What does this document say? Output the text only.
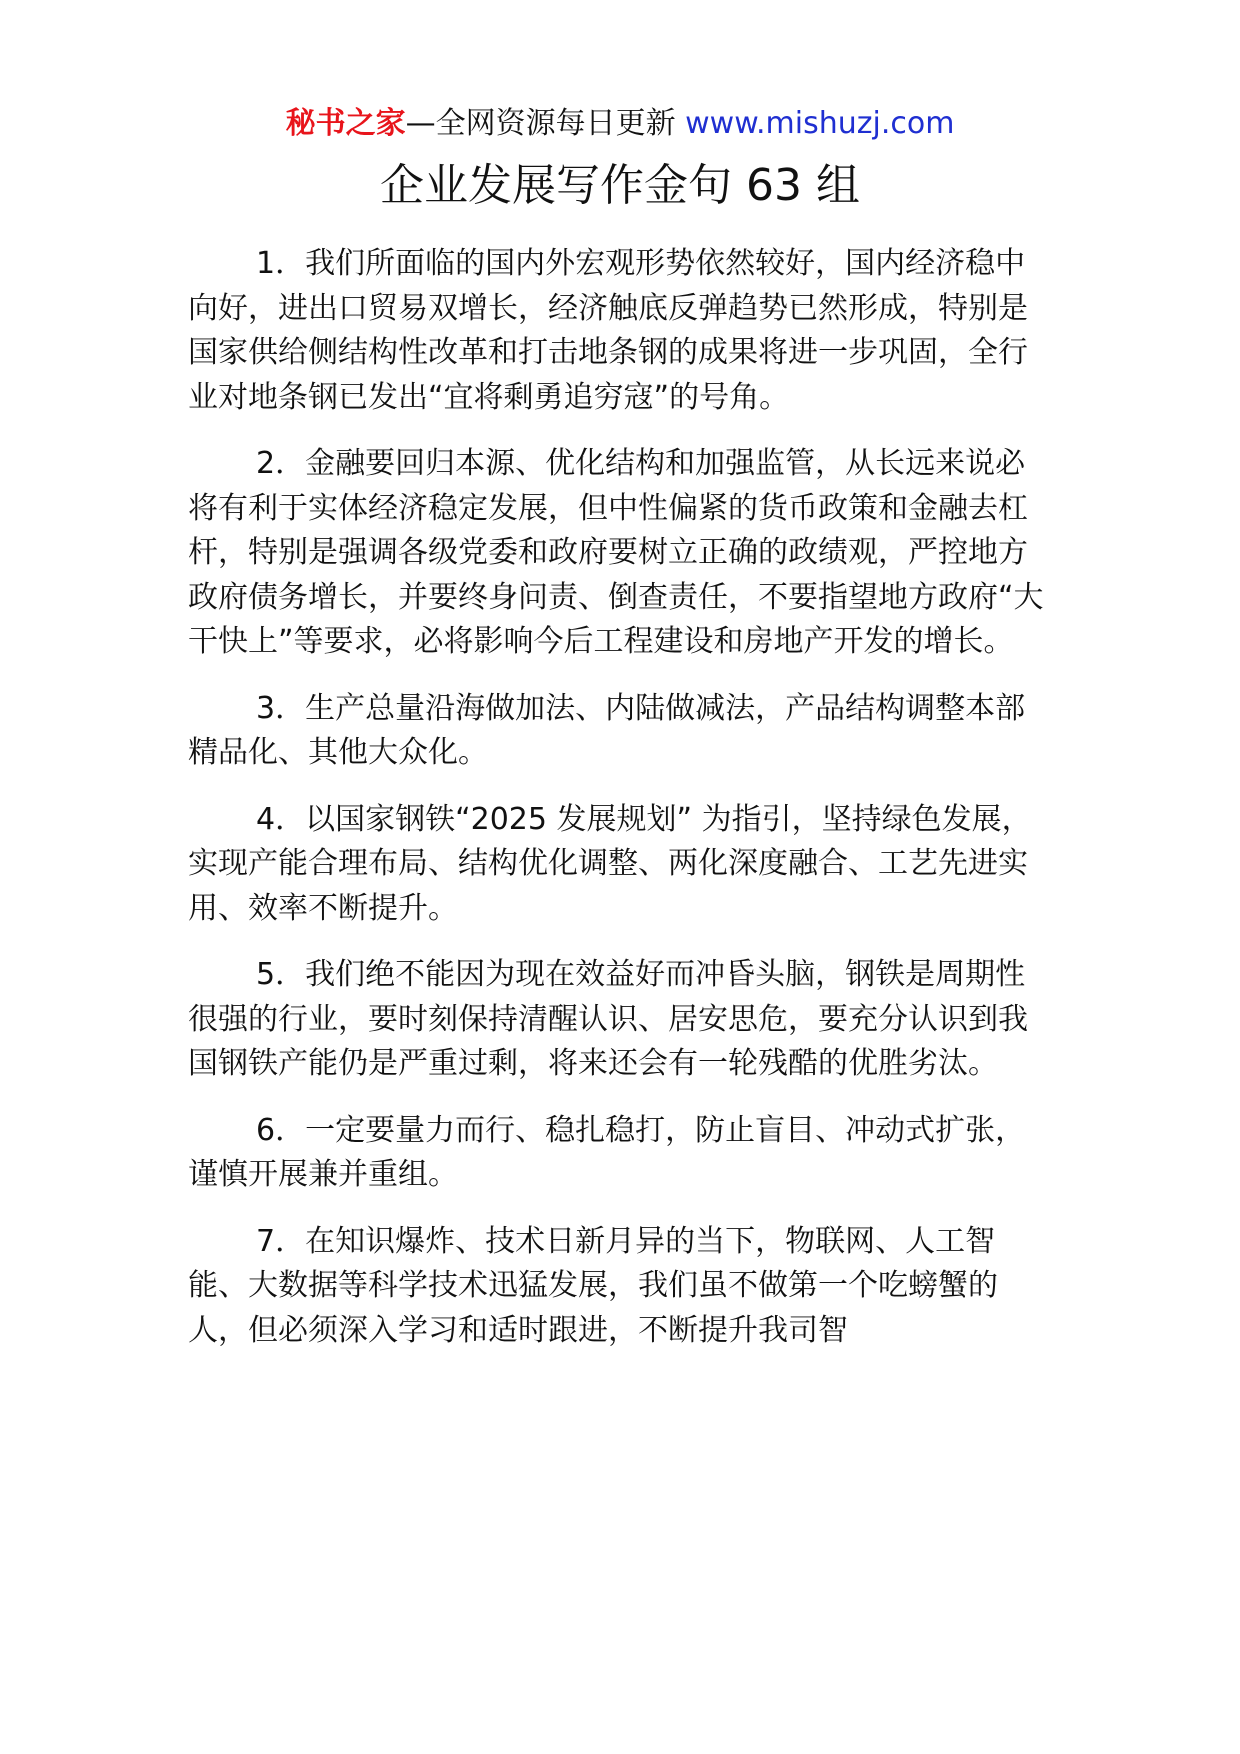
秘书之家—全网资源每日更新 www.mishuzj.com
企业发展写作金句 63 组

1．我们所面临的国内外宏观形势依然较好，国内经济稳中向好，进出口贸易双增长，经济触底反弹趋势已然形成，特别是国家供给侧结构性改革和打击地条钢的成果将进一步巩固，全行业对地条钢已发出“宜将剩勇追穷寇”的号角。

2．金融要回归本源、优化结构和加强监管，从长远来说必将有利于实体经济稳定发展，但中性偏紧的货币政策和金融去杠杆，特别是强调各级党委和政府要树立正确的政绩观，严控地方政府债务增长，并要终身问责、倒查责任，不要指望地方政府“大干快上”等要求，必将影响今后工程建设和房地产开发的增长。

3．生产总量沿海做加法、内陆做减法，产品结构调整本部精品化、其他大众化。

4．以国家钢铁“2025 发展规划” 为指引，坚持绿色发展，实现产能合理布局、结构优化调整、两化深度融合、工艺先进实用、效率不断提升。

5．我们绝不能因为现在效益好而冲昏头脑，钢铁是周期性很强的行业，要时刻保持清醒认识、居安思危，要充分认识到我国钢铁产能仍是严重过剩，将来还会有一轮残酷的优胜劣汰。

6．一定要量力而行、稳扎稳打，防止盲目、冲动式扩张，谨慎开展兼并重组。

7．在知识爆炸、技术日新月异的当下，物联网、人工智能、大数据等科学技术迅猛发展，我们虽不做第一个吃螃蟹的人，但必须深入学习和适时跟进，不断提升我司智
